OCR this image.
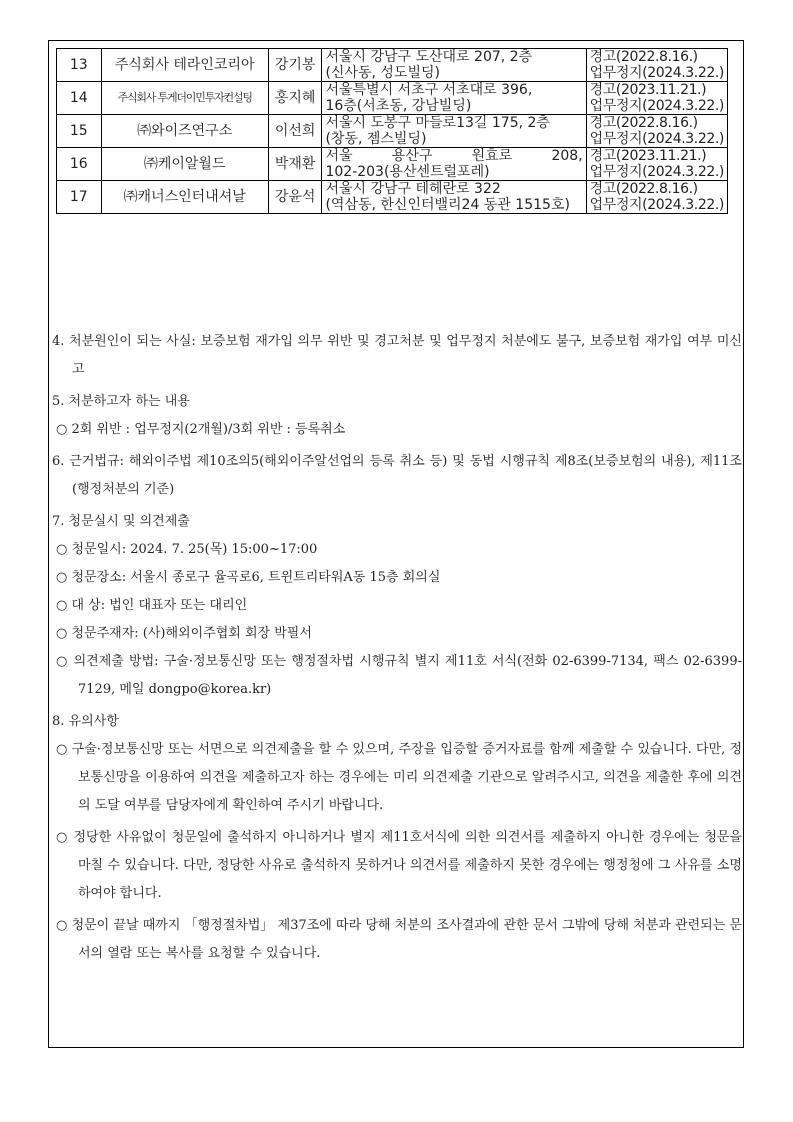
13	주식회사 테라인코리아	강기봉	서울시 강남구 도산대로 207, 2층
(신사동, 성도빌딩)	경고(2022.8.16.)
업무정지(2024.3.22.)

14	주식회사 투게더이민투자컨설팅	홍지혜	서울특별시 서초구 서초대로 396,
16층(서초동, 강남빌딩)	경고(2023.11.21.)
업무정지(2024.3.22.)

15	㈜와이즈연구소	이선희	서울시 도봉구 마들로13길 175, 2층
(창동, 젬스빌딩)	경고(2022.8.16.)
업무정지(2024.3.22.)

16	㈜케이알월드	박재환	서울 용산구 원효로 208,
102-203(용산센트럴포레)	경고(2023.11.21.)
업무정지(2024.3.22.)

17	㈜캐너스인터내셔날	강윤석	서울시 강남구 테헤란로 322
(역삼동, 한신인터밸리24 동관 1515호)	경고(2022.8.16.)
업무정지(2024.3.22.)

4. 처분원인이 되는 사실: 보증보험 재가입 의무 위반 및 경고처분 및 업무정지 처분에도 불구, 보증보험 재가입 여부 미신고

5. 처분하고자 하는 내용

○ 2회 위반 : 업무정지(2개월)/3회 위반 : 등록취소

6. 근거법규: 해외이주법 제10조의5(해외이주알선업의 등록 취소 등) 및 동법 시행규칙 제8조(보증보험의 내용), 제11조(행정처분의 기준)

7. 청문실시 및 의견제출

○ 청문일시: 2024. 7. 25(목) 15:00~17:00

○ 청문장소: 서울시 종로구 율곡로6, 트윈트리타워A동 15층 회의실

○ 대 상: 법인 대표자 또는 대리인

○ 청문주재자: (사)해외이주협회 회장 박필서

○ 의견제출 방법: 구술·정보통신망 또는 행정절차법 시행규칙 별지 제11호 서식(전화 02-6399-7134, 팩스 02-6399-7129, 메일 dongpo@korea.kr)

8. 유의사항

○ 구술·정보통신망 또는 서면으로 의견제출을 할 수 있으며, 주장을 입증할 증거자료를 함께 제출할 수 있습니다. 다만, 정보통신망을 이용하여 의견을 제출하고자 하는 경우에는 미리 의견제출 기관으로 알려주시고, 의견을 제출한 후에 의견의 도달 여부를 담당자에게 확인하여 주시기 바랍니다.

○ 정당한 사유없이 청문일에 출석하지 아니하거나 별지 제11호서식에 의한 의견서를 제출하지 아니한 경우에는 청문을 마칠 수 있습니다. 다만, 정당한 사유로 출석하지 못하거나 의견서를 제출하지 못한 경우에는 행정청에 그 사유를 소명하여야 합니다.

○ 청문이 끝날 때까지 「행정절차법」 제37조에 따라 당해 처분의 조사결과에 관한 문서 그밖에 당해 처분과 관련되는 문서의 열람 또는 복사를 요청할 수 있습니다.
